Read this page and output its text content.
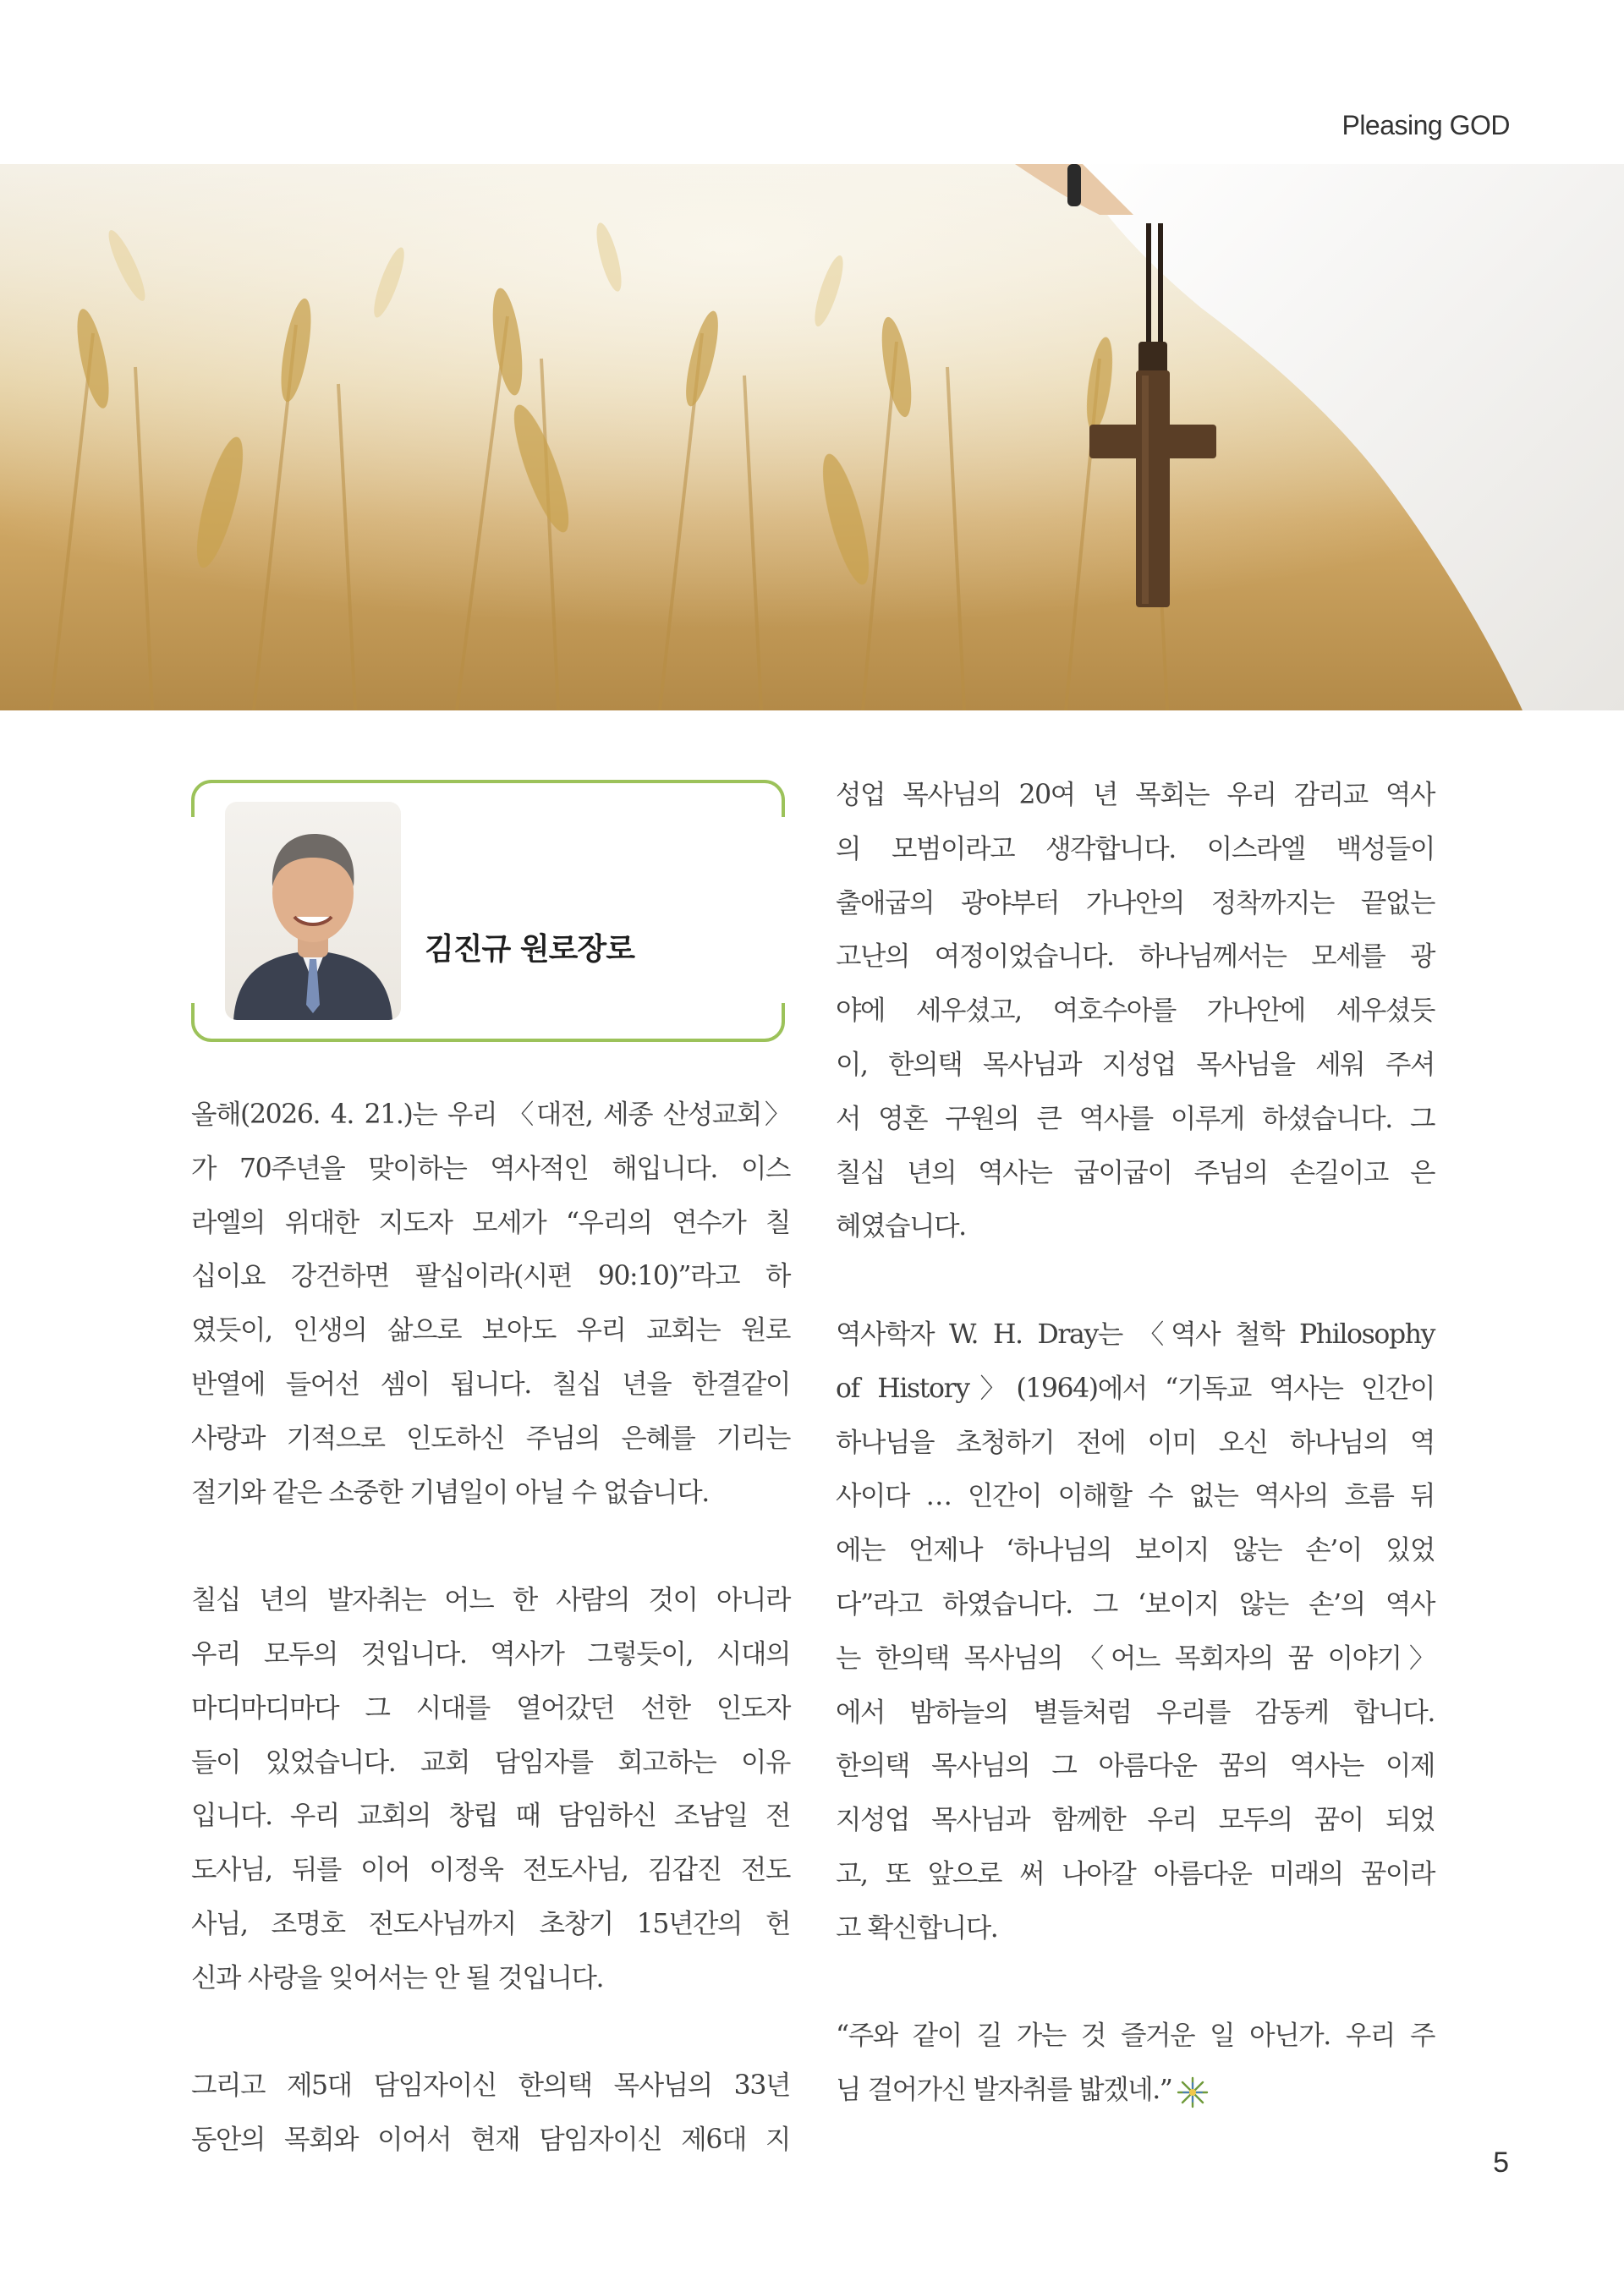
Pleasing GOD
김진규 원로장로

올해(2026. 4. 21.)는 우리 〈대전, 세종 산성교회〉

가 70주년을 맞이하는 역사적인 해입니다. 이스

라엘의 위대한 지도자 모세가 “우리의 연수가 칠

십이요 강건하면 팔십이라(시편 90:10)”라고 하

였듯이, 인생의 삶으로 보아도 우리 교회는 원로

반열에 들어선 셈이 됩니다. 칠십 년을 한결같이

사랑과 기적으로 인도하신 주님의 은혜를 기리는

절기와 같은 소중한 기념일이 아닐 수 없습니다.

칠십 년의 발자취는 어느 한 사람의 것이 아니라

우리 모두의 것입니다. 역사가 그렇듯이, 시대의

마디마디마다 그 시대를 열어갔던 선한 인도자

들이 있었습니다. 교회 담임자를 회고하는 이유

입니다. 우리 교회의 창립 때 담임하신 조남일 전

도사님, 뒤를 이어 이정욱 전도사님, 김갑진 전도

사님, 조명호 전도사님까지 초창기 15년간의 헌

신과 사랑을 잊어서는 안 될 것입니다.

그리고 제5대 담임자이신 한의택 목사님의 33년

동안의 목회와 이어서 현재 담임자이신 제6대 지

성업 목사님의 20여 년 목회는 우리 감리교 역사

의 모범이라고 생각합니다. 이스라엘 백성들이

출애굽의 광야부터 가나안의 정착까지는 끝없는

고난의 여정이었습니다. 하나님께서는 모세를 광

야에 세우셨고, 여호수아를 가나안에 세우셨듯

이, 한의택 목사님과 지성업 목사님을 세워 주셔

서 영혼 구원의 큰 역사를 이루게 하셨습니다. 그

칠십 년의 역사는 굽이굽이 주님의 손길이고 은

혜였습니다.

역사학자 W. H. Dray는 〈역사 철학 Philosophy

of History〉(1964)에서 “기독교 역사는 인간이

하나님을 초청하기 전에 이미 오신 하나님의 역

사이다 … 인간이 이해할 수 없는 역사의 흐름 뒤

에는 언제나 ‘하나님의 보이지 않는 손’이 있었

다”라고 하였습니다. 그 ‘보이지 않는 손’의 역사

는 한의택 목사님의 〈어느 목회자의 꿈 이야기〉

에서 밤하늘의 별들처럼 우리를 감동케 합니다.

한의택 목사님의 그 아름다운 꿈의 역사는 이제

지성업 목사님과 함께한 우리 모두의 꿈이 되었

고, 또 앞으로 써 나아갈 아름다운 미래의 꿈이라

고 확신합니다.

“주와 같이 길 가는 것 즐거운 일 아닌가. 우리 주

님 걸어가신 발자취를 밟겠네.”

5
